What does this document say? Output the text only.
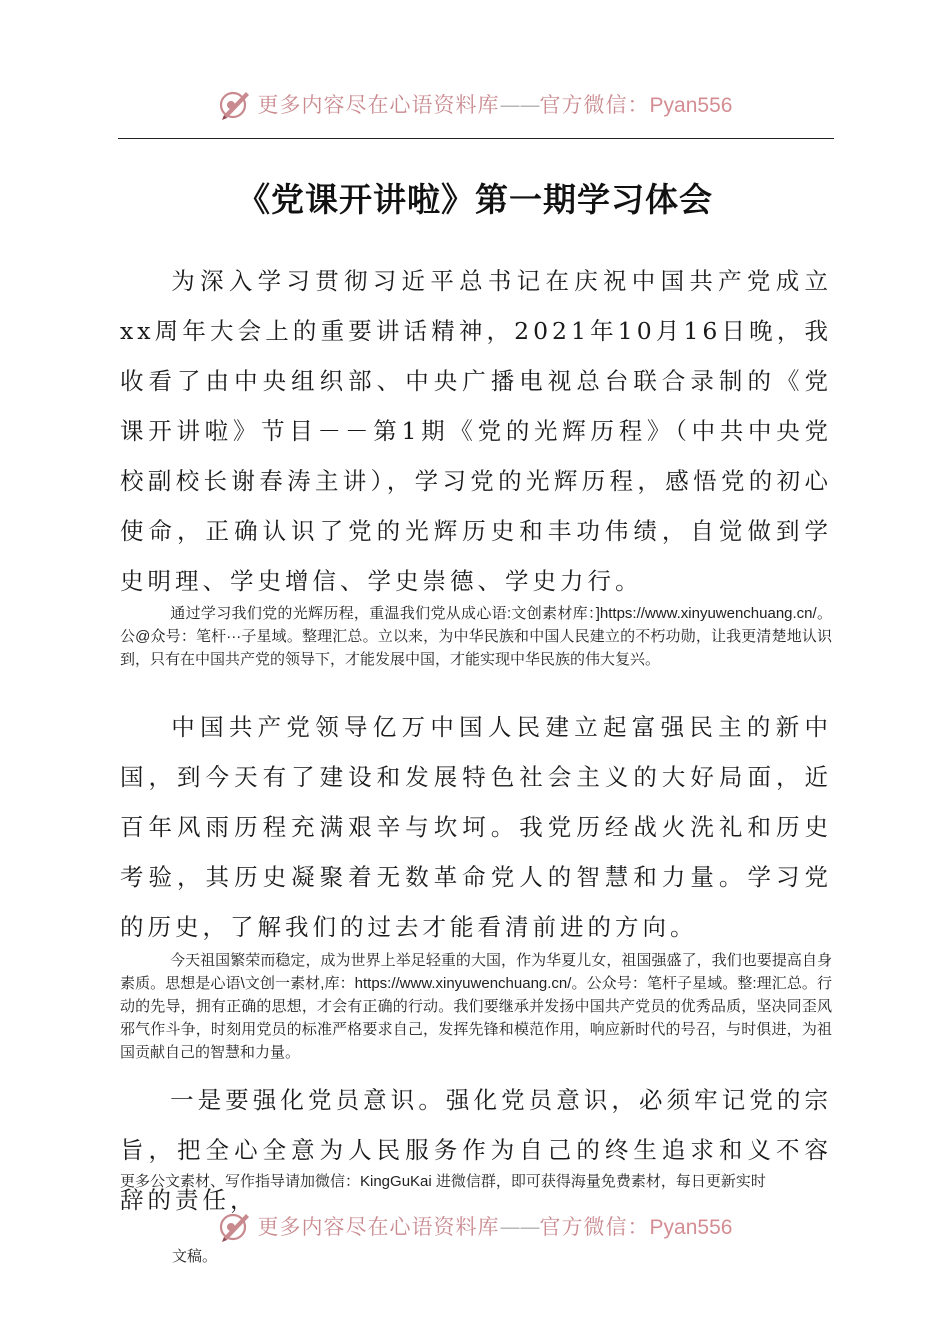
更多内容尽在心语资料库——官方微信：Pyan556
《党课开讲啦》第一期学习体会

为深入学习贯彻习近平总书记在庆祝中国共产党成立xx周年大会上的重要讲话精神，2021年10月16日晚，我收看了由中央组织部、中央广播电视总台联合录制的《党课开讲啦》节目－－第1期《党的光辉历程》（中共中央党校副校长谢春涛主讲），学习党的光辉历程，感悟党的初心使命，正确认识了党的光辉历史和丰功伟绩，自觉做到学史明理、学史增信、学史崇德、学史力行。

通过学习我们党的光辉历程，重温我们党从成心语:文创素材库：]https://www.xinyuwenchuang.cn/。公@众号：笔杆···子星域。整理汇总。立以来，为中华民族和中国人民建立的不朽功勋，让我更清楚地认识到，只有在中国共产党的领导下，才能发展中国，才能实现中华民族的伟大复兴。

中国共产党领导亿万中国人民建立起富强民主的新中国，到今天有了建设和发展特色社会主义的大好局面，近百年风雨历程充满艰辛与坎坷。我党历经战火洗礼和历史考验，其历史凝聚着无数革命党人的智慧和力量。学习党的历史，了解我们的过去才能看清前进的方向。

今天祖国繁荣而稳定，成为世界上举足轻重的大国，作为华夏儿女，祖国强盛了，我们也要提高自身素质。思想是心语\文创一素材,库：https://www.xinyuwenchuang.cn/。公众号：笔杆子星域。整:理汇总。行动的先导，拥有正确的思想，才会有正确的行动。我们要继承并发扬中国共产党员的优秀品质，坚决同歪风邪气作斗争，时刻用党员的标准严格要求自己，发挥先锋和模范作用，响应新时代的号召，与时俱进，为祖国贡献自己的智慧和力量。

一是要强化党员意识。强化党员意识，必须牢记党的宗旨，把全心全意为人民服务作为自己的终生追求和义不容辞的责任，

更多公文素材、写作指导请加微信：KingGuKai 进微信群，即可获得海量免费素材，每日更新实时

更多内容尽在心语资料库——官方微信：Pyan556

文稿。
